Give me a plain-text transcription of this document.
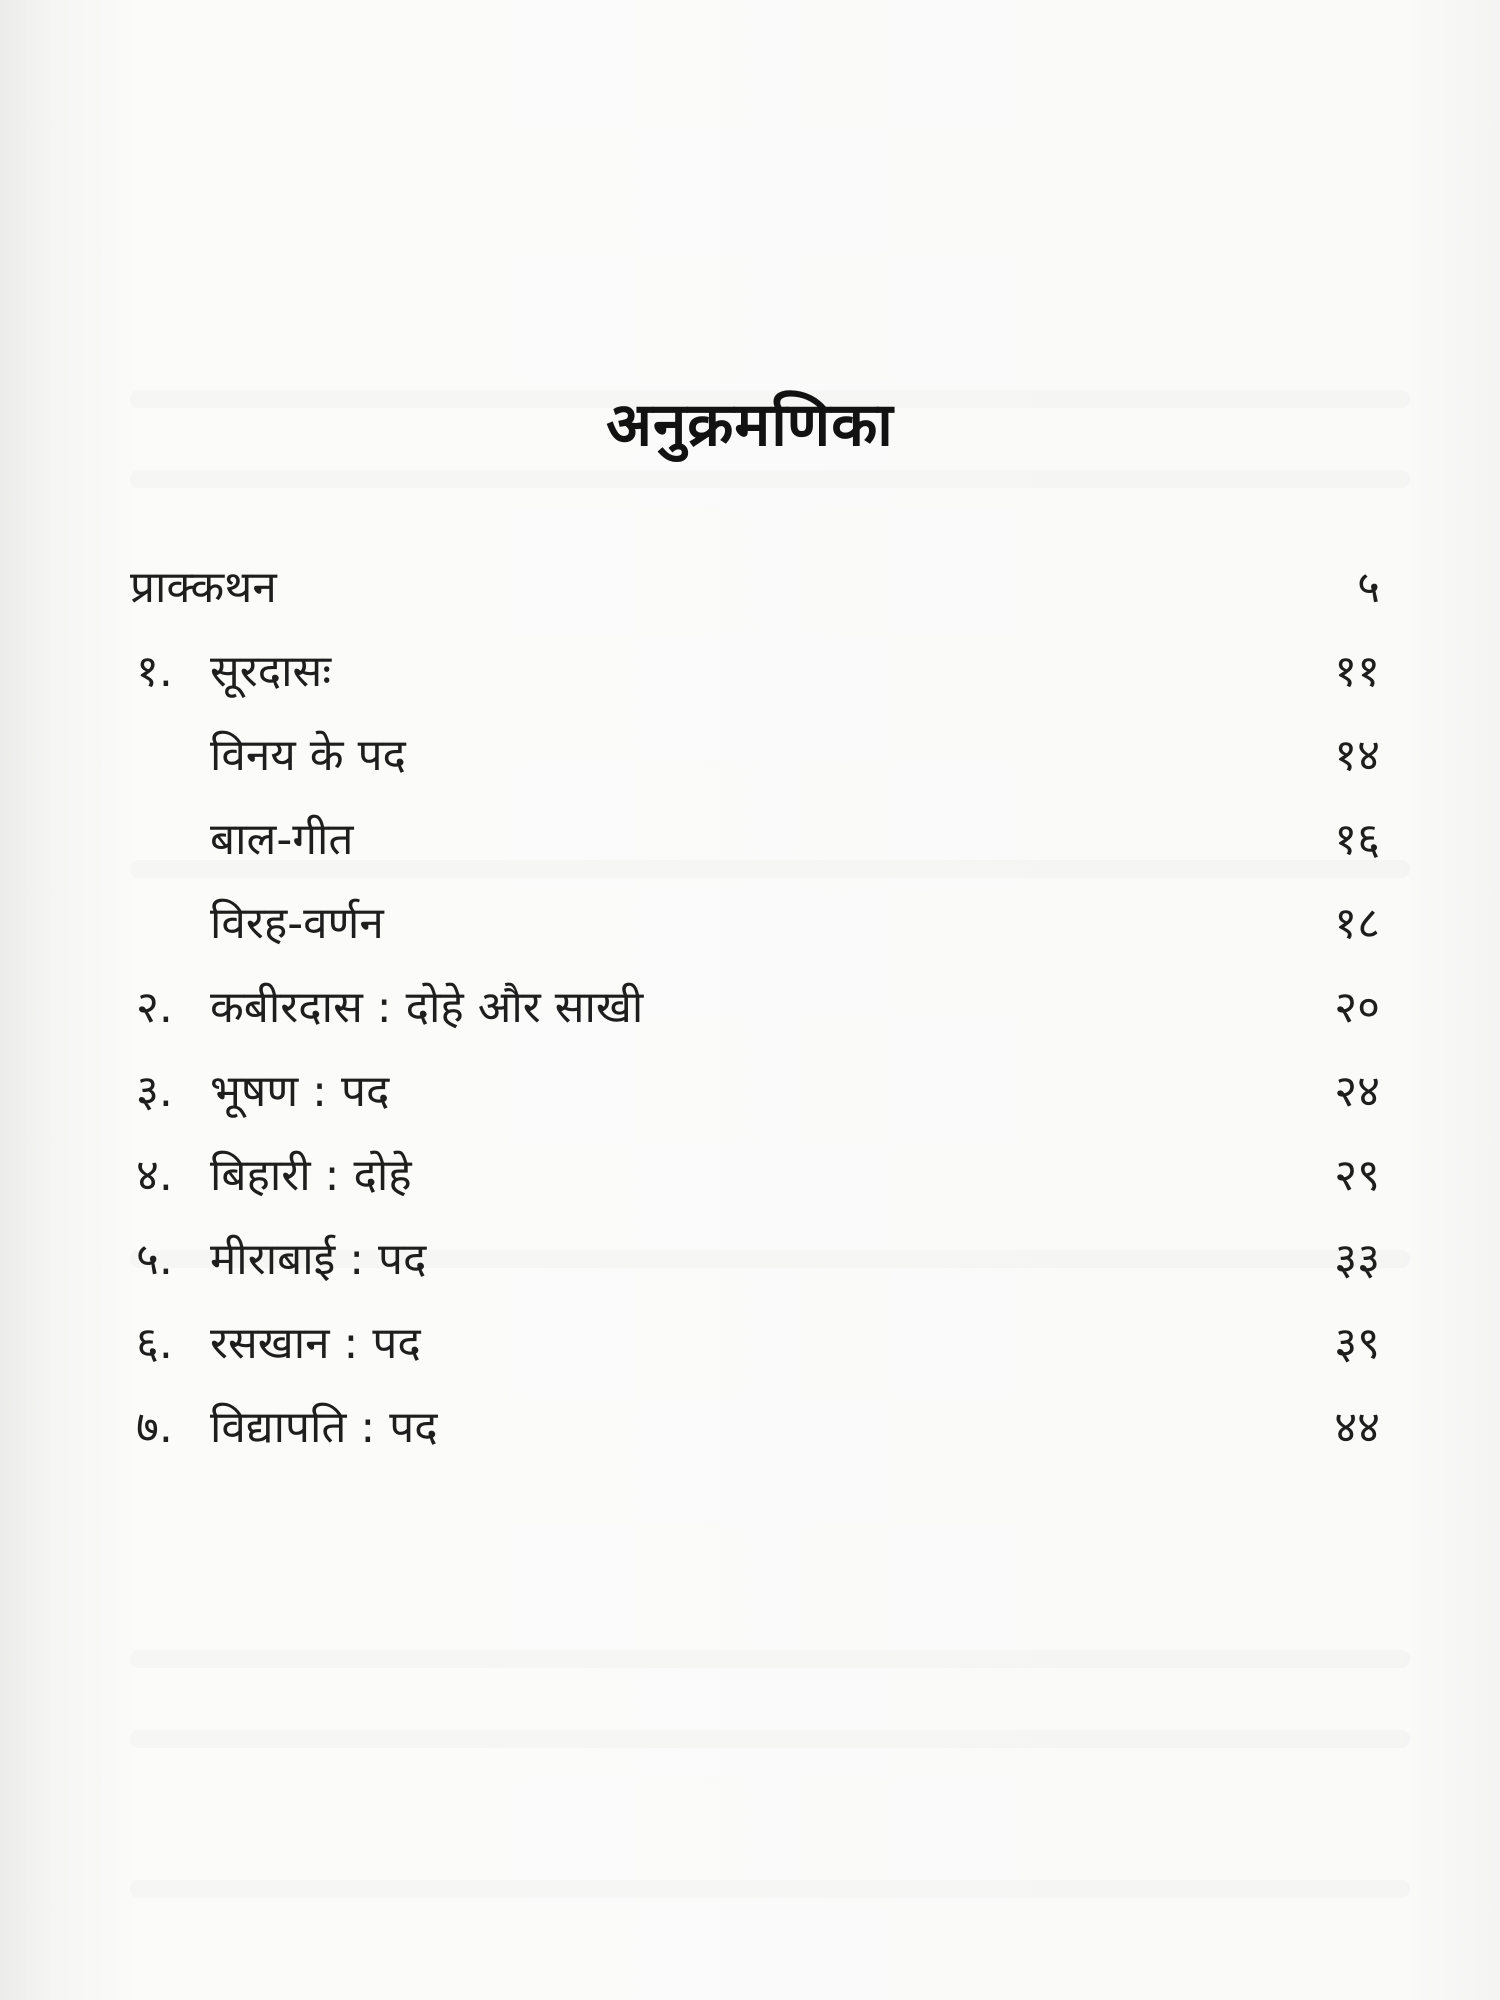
अनुक्रमणिका
प्राक्कथन	५
१. सूरदासः	११
विनय के पद	१४
बाल-गीत	१६
विरह-वर्णन	१८
२. कबीरदास : दोहे और साखी	२०
३. भूषण : पद	२४
४. बिहारी : दोहे	२९
५. मीराबाई : पद	३३
६. रसखान : पद	३९
७. विद्यापति : पद	४४
